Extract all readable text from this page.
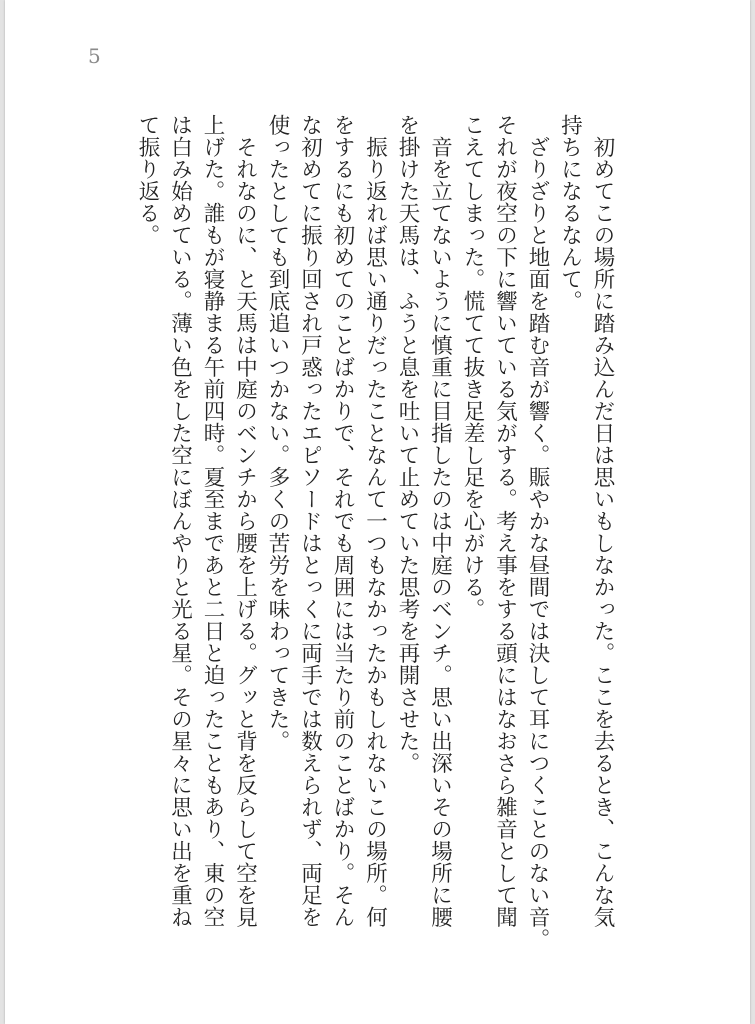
5
　初めてこの場所に踏み込んだ日は思いもしなかった。ここを去るとき、こんな気
持ちになるなんて。
　ざりざりと地面を踏む音が響く。賑やかな昼間では決して耳につくことのない音。
それが夜空の下に響いている気がする。考え事をする頭にはなおさら雑音として聞
こえてしまった。慌てて抜き足差し足を心がける。
　音を立てないように慎重に目指したのは中庭のベンチ。思い出深いその場所に腰
を掛けた天馬は、ふうと息を吐いて止めていた思考を再開させた。
　振り返れば思い通りだったことなんて一つもなかったかもしれないこの場所。何
をするにも初めてのことばかりで、それでも周囲には当たり前のことばかり。そん
な初めてに振り回され戸惑ったエピソードはとっくに両手では数えられず、両足を
使ったとしても到底追いつかない。多くの苦労を味わってきた。
　それなのに、と天馬は中庭のベンチから腰を上げる。グッと背を反らして空を見
上げた。誰もが寝静まる午前四時。夏至まであと二日と迫ったこともあり、東の空
は白み始めている。薄い色をした空にぼんやりと光る星。その星々に思い出を重ね
て振り返る。
